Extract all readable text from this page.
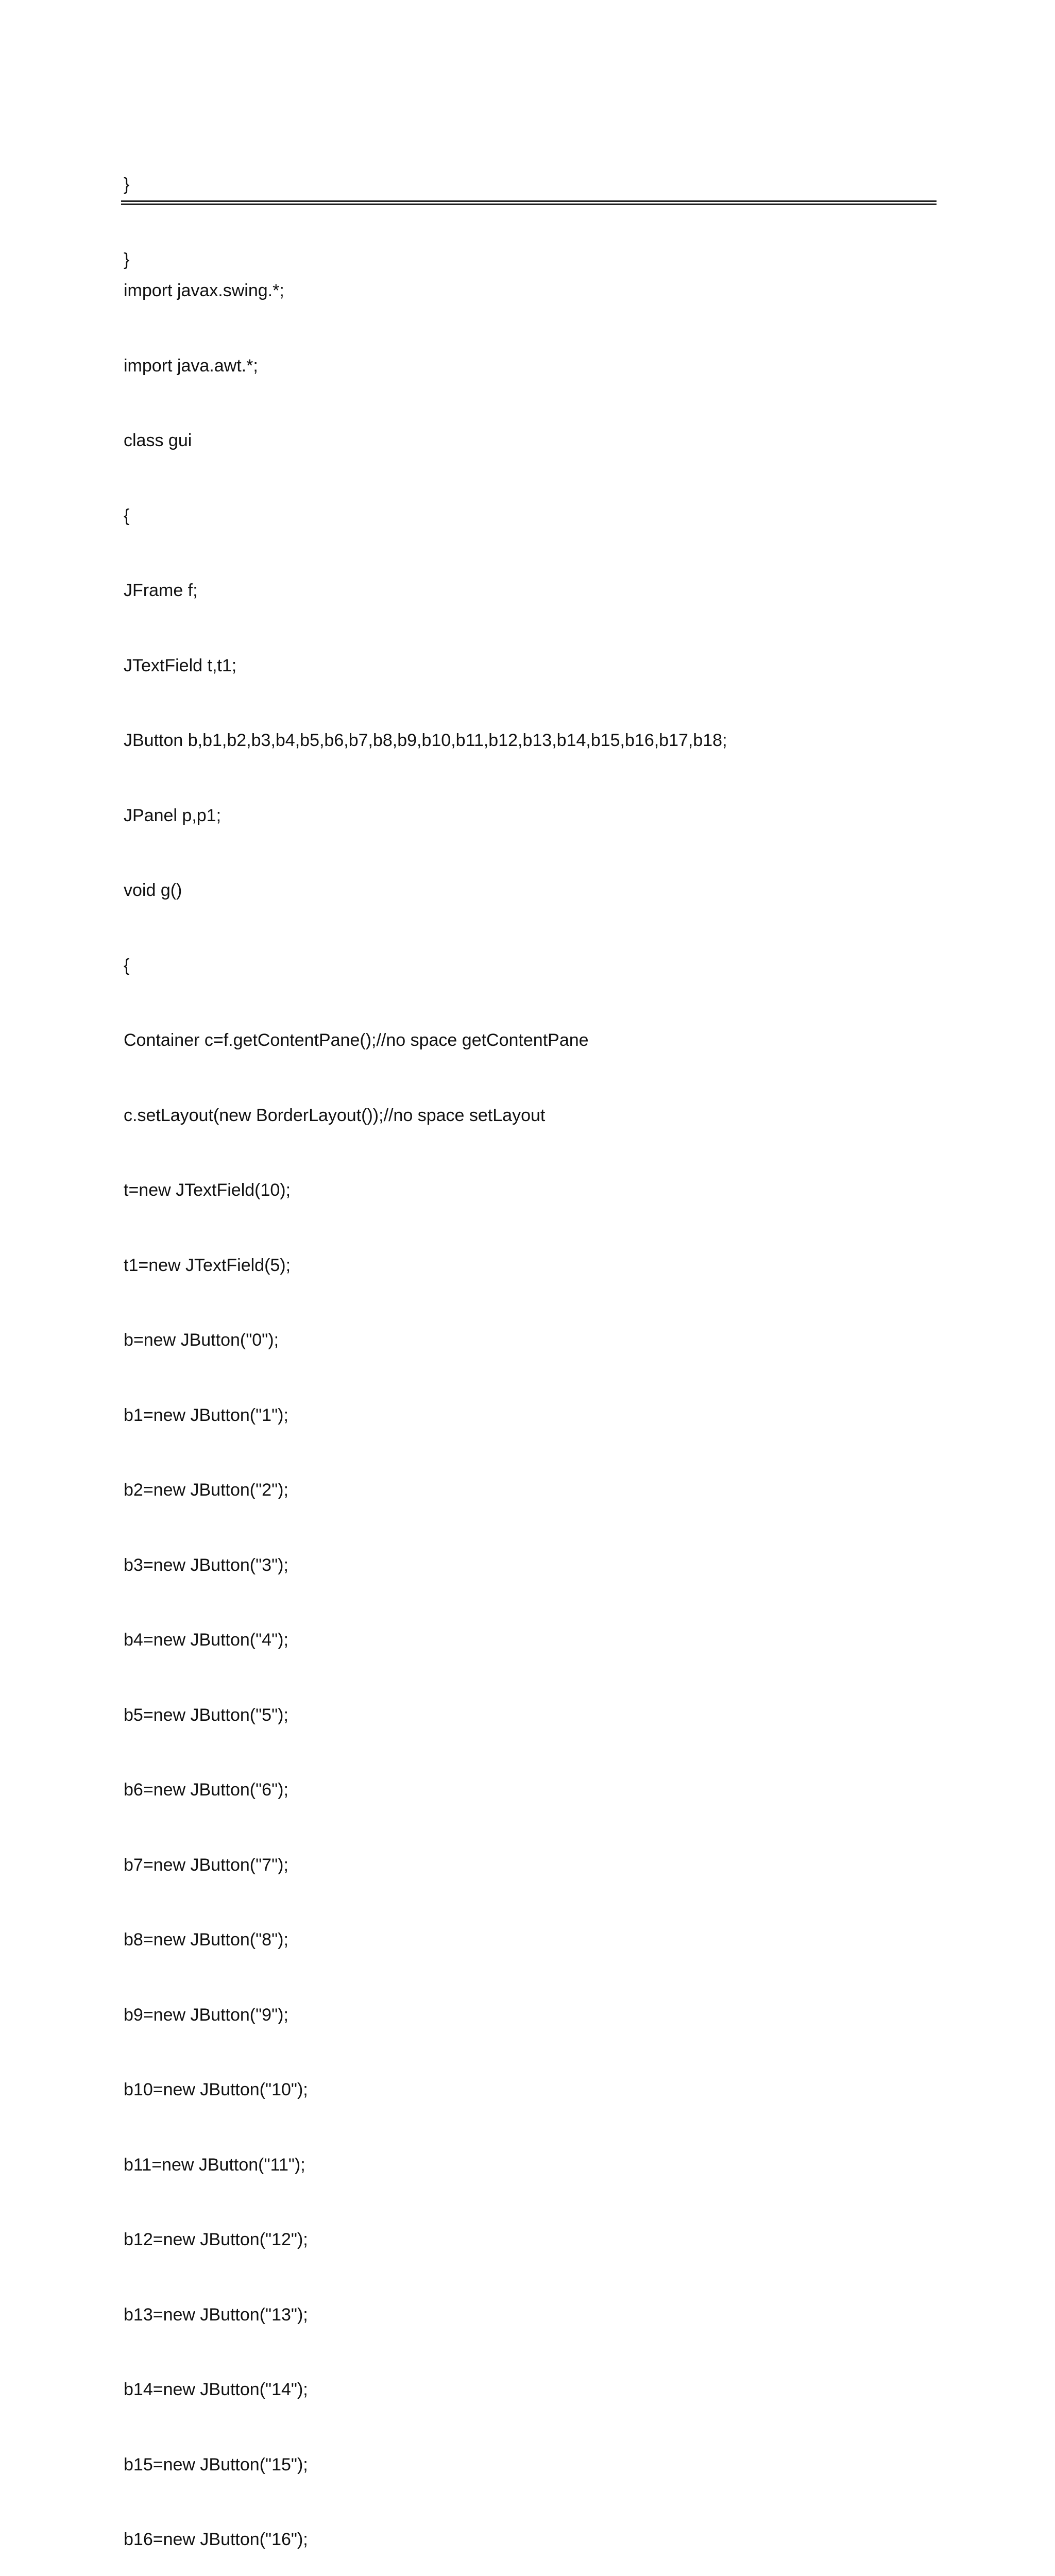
}

}

import javax.swing.*;

import java.awt.*;

class gui

{

JFrame f;

JTextField t,t1;

JButton b,b1,b2,b3,b4,b5,b6,b7,b8,b9,b10,b11,b12,b13,b14,b15,b16,b17,b18;

JPanel p,p1;

void g()

{

Container c=f.getContentPane();//no space getContentPane

c.setLayout(new BorderLayout());//no space setLayout

t=new JTextField(10);

t1=new JTextField(5);

b=new JButton("0");

b1=new JButton("1");

b2=new JButton("2");

b3=new JButton("3");

b4=new JButton("4");

b5=new JButton("5");

b6=new JButton("6");

b7=new JButton("7");

b8=new JButton("8");

b9=new JButton("9");

b10=new JButton("10");

b11=new JButton("11");

b12=new JButton("12");

b13=new JButton("13");

b14=new JButton("14");

b15=new JButton("15");

b16=new JButton("16");
